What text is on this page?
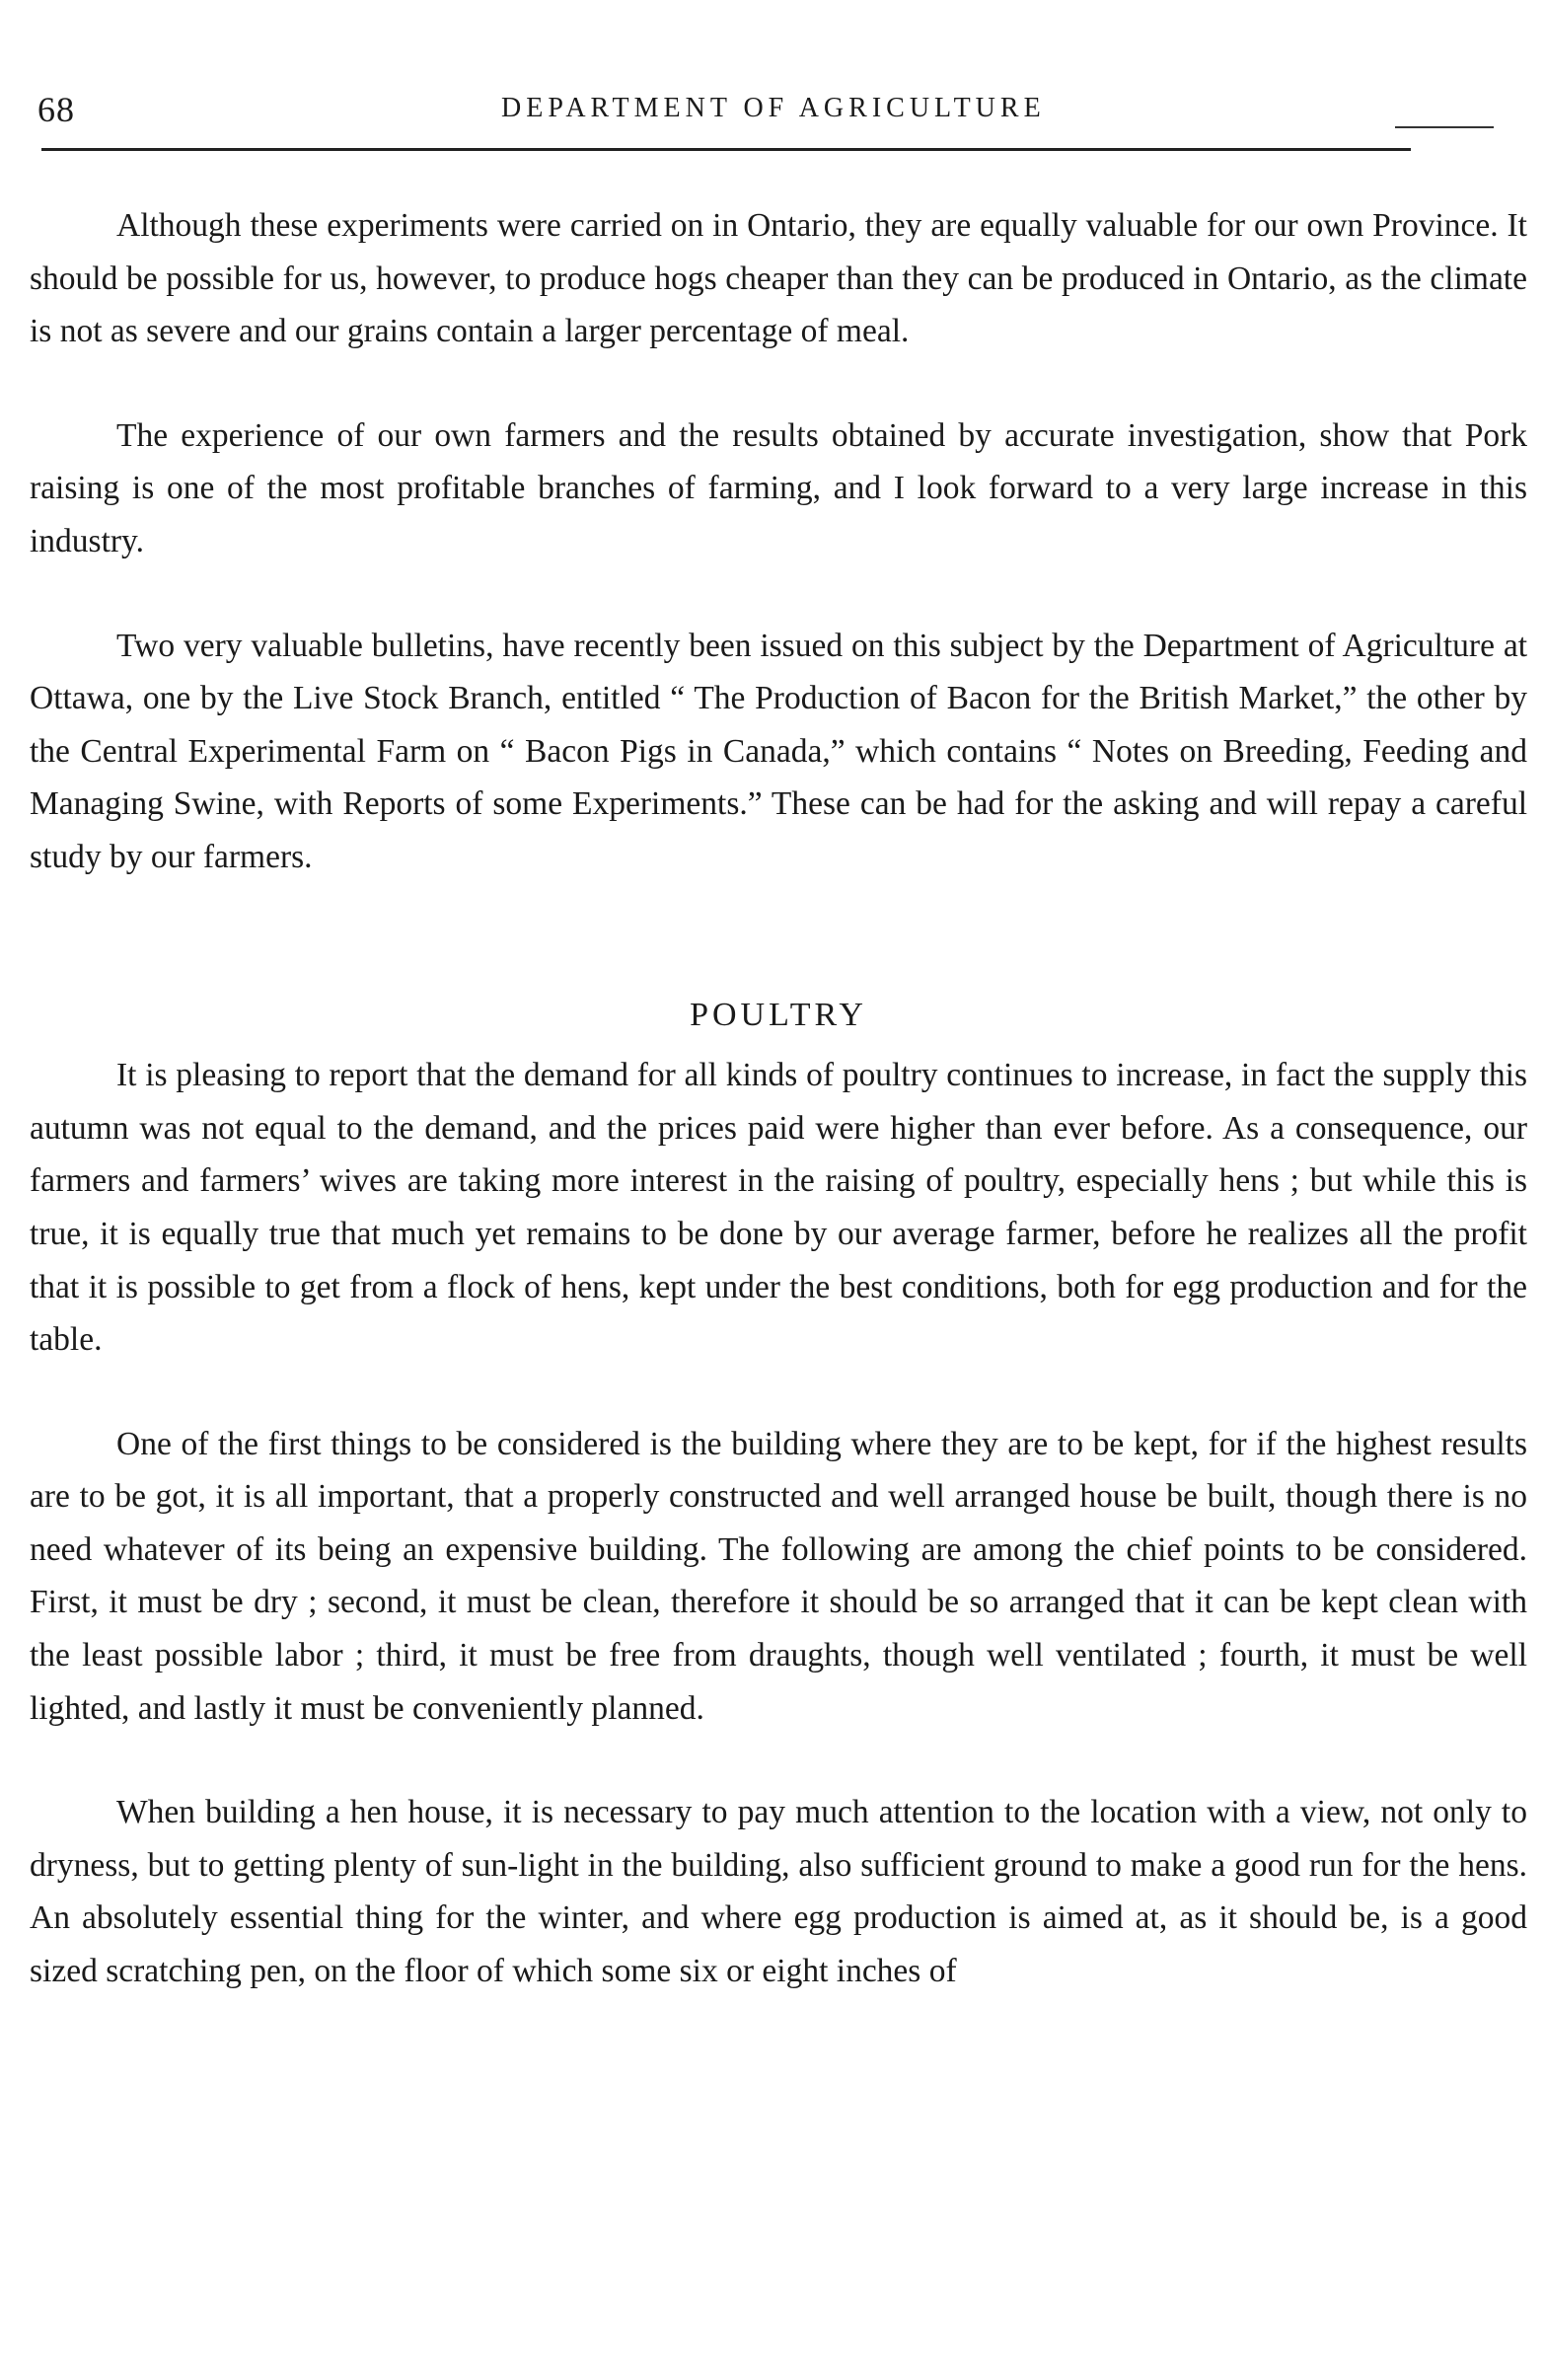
68	DEPARTMENT OF AGRICULTURE

Although these experiments were carried on in Ontario, they are equally valuable for our own Province. It should be possible for us, however, to produce hogs cheaper than they can be produced in Ontario, as the climate is not as severe and our grains contain a larger percentage of meal.

The experience of our own farmers and the results obtained by accurate investigation, show that Pork raising is one of the most profitable branches of farming, and I look forward to a very large increase in this industry.

Two very valuable bulletins, have recently been issued on this subject by the Department of Agriculture at Ottawa, one by the Live Stock Branch, entitled “ The Production of Bacon for the British Market,” the other by the Central Experimental Farm on “ Bacon Pigs in Canada,” which contains “ Notes on Breeding, Feeding and Managing Swine, with Reports of some Experiments.” These can be had for the asking and will repay a careful study by our farmers.

POULTRY

It is pleasing to report that the demand for all kinds of poultry continues to increase, in fact the supply this autumn was not equal to the demand, and the prices paid were higher than ever before. As a consequence, our farmers and farmers’ wives are taking more interest in the raising of poultry, especially hens ; but while this is true, it is equally true that much yet remains to be done by our average farmer, before he realizes all the profit that it is possible to get from a flock of hens, kept under the best conditions, both for egg production and for the table.

One of the first things to be considered is the building where they are to be kept, for if the highest results are to be got, it is all important, that a properly constructed and well arranged house be built, though there is no need whatever of its being an expensive building. The following are among the chief points to be considered. First, it must be dry ; second, it must be clean, therefore it should be so arranged that it can be kept clean with the least possible labor ; third, it must be free from draughts, though well ventilated ; fourth, it must be well lighted, and lastly it must be conveniently planned.

When building a hen house, it is necessary to pay much attention to the location with a view, not only to dryness, but to getting plenty of sun-light in the building, also sufficient ground to make a good run for the hens. An absolutely essential thing for the winter, and where egg production is aimed at, as it should be, is a good sized scratching pen, on the floor of which some six or eight inches of
